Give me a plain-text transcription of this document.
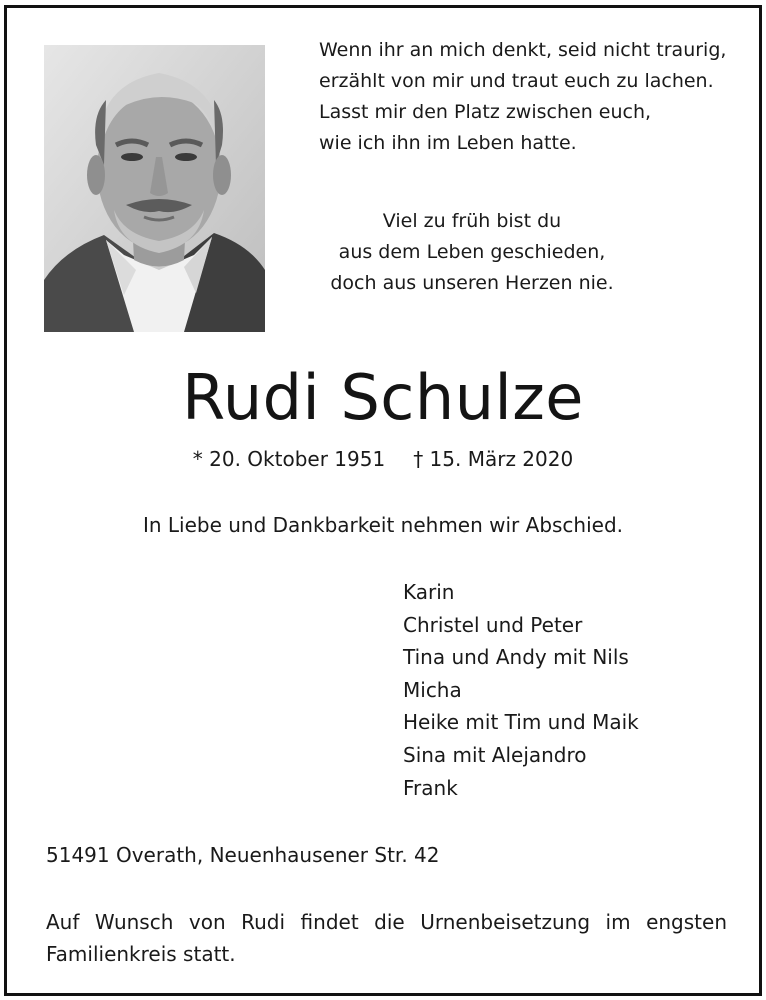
Wenn ihr an mich denkt, seid nicht traurig,
erzählt von mir und traut euch zu lachen.
Lasst mir den Platz zwischen euch,
wie ich ihn im Leben hatte.
Viel zu früh bist du
aus dem Leben geschieden,
doch aus unseren Herzen nie.
Rudi Schulze
* 20. Oktober 1951 † 15. März 2020
In Liebe und Dankbarkeit nehmen wir Abschied.
Karin
Christel und Peter
Tina und Andy mit Nils
Micha
Heike mit Tim und Maik
Sina mit Alejandro
Frank
51491 Overath, Neuenhausener Str. 42
Auf Wunsch von Rudi findet die Urnenbeisetzung im engsten Familienkreis statt.
